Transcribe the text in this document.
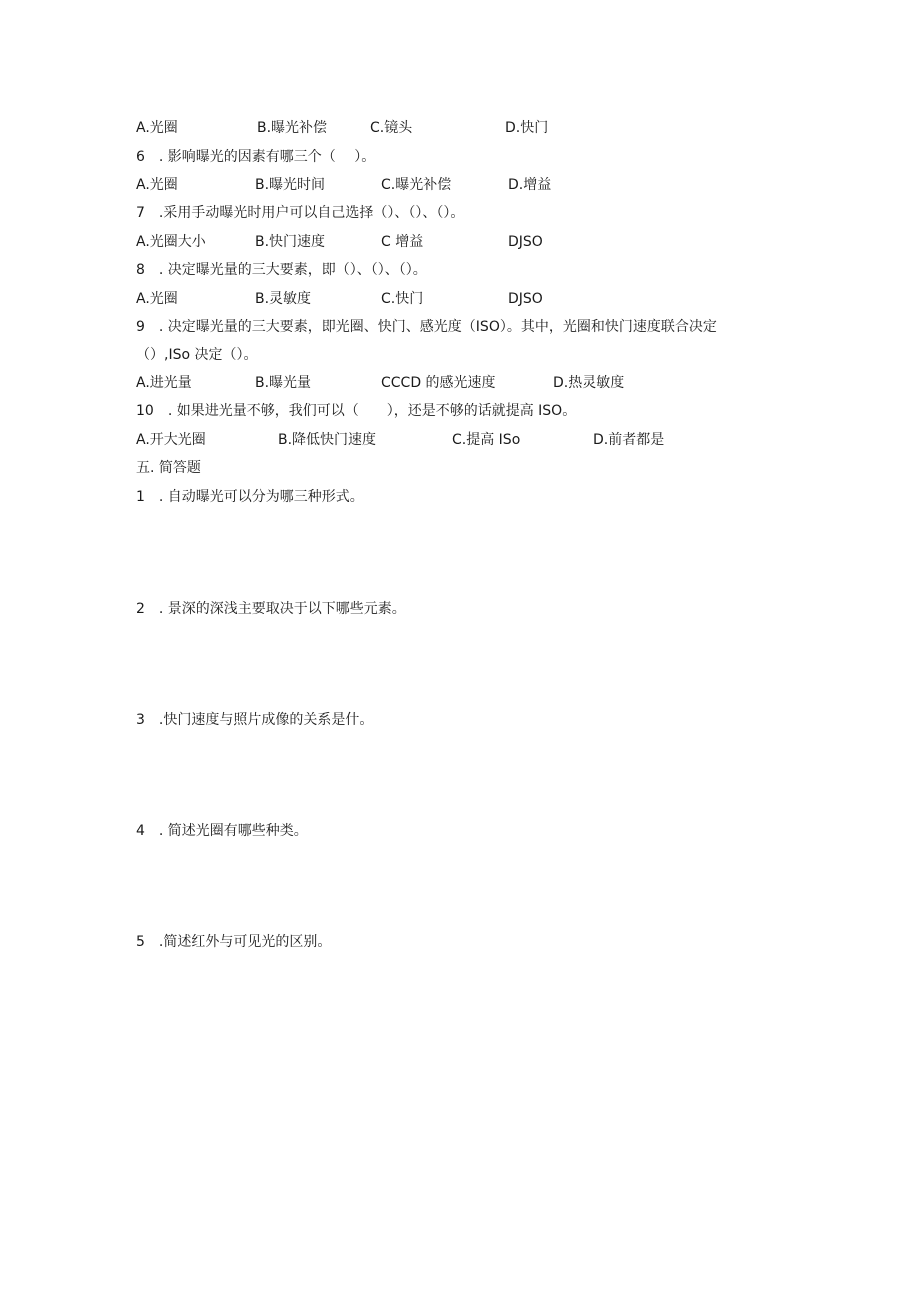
A.光圈	B.曝光补偿	C.镜头	D.快门
6　. 影响曝光的因素有哪三个（　 ）。
A.光圈	B.曝光时间	C.曝光补偿	D.增益
7　.采用手动曝光时用户可以自己选择（）、（）、（）。
A.光圈大小	B.快门速度	C 增益	DJSO
8　. 决定曝光量的三大要素，即（）、（）、（）。
A.光圈	B.灵敏度	C.快门	DJSO
9　. 决定曝光量的三大要素，即光圈、快门、感光度（ISO）。其中，光圈和快门速度联合决定
（）,ISo 决定（）。
A.进光量	B.曝光量	CCCD 的感光速度	D.热灵敏度
10　. 如果进光量不够，我们可以（　　），还是不够的话就提高 ISO。
A.开大光圈	B.降低快门速度	C.提高 ISo	D.前者都是
五. 简答题
1　. 自动曝光可以分为哪三种形式。
2　. 景深的深浅主要取决于以下哪些元素。
3　.快门速度与照片成像的关系是什。
4　. 简述光圈有哪些种类。
5　.简述红外与可见光的区别。
